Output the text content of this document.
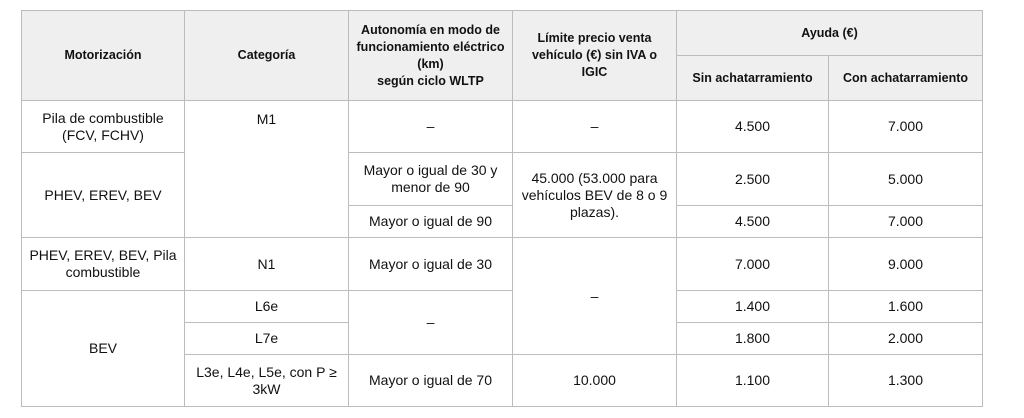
Motorización	Categoría	Autonomía en modo de
funcionamiento eléctrico
(km)
según ciclo WLTP	Límite precio venta
vehículo (€) sin IVA o
IGIC	Ayuda (€)	
				Sin achatarramiento	Con achatarramiento
Pila de combustible
(FCV, FCHV)	M1	–	–	4.500	7.000
PHEV, EREV, BEV		Mayor o igual de 30 y
menor de 90	45.000 (53.000 para
vehículos BEV de 8 o 9
plazas).	2.500	5.000
		Mayor o igual de 90		4.500	7.000
PHEV, EREV, BEV, Pila
combustible	N1	Mayor o igual de 30	–	7.000	9.000
BEV	L6e	–		1.400	1.600
	L7e			1.800	2.000
	L3e, L4e, L5e, con P ≥
3kW	Mayor o igual de 70	10.000	1.100	1.300
